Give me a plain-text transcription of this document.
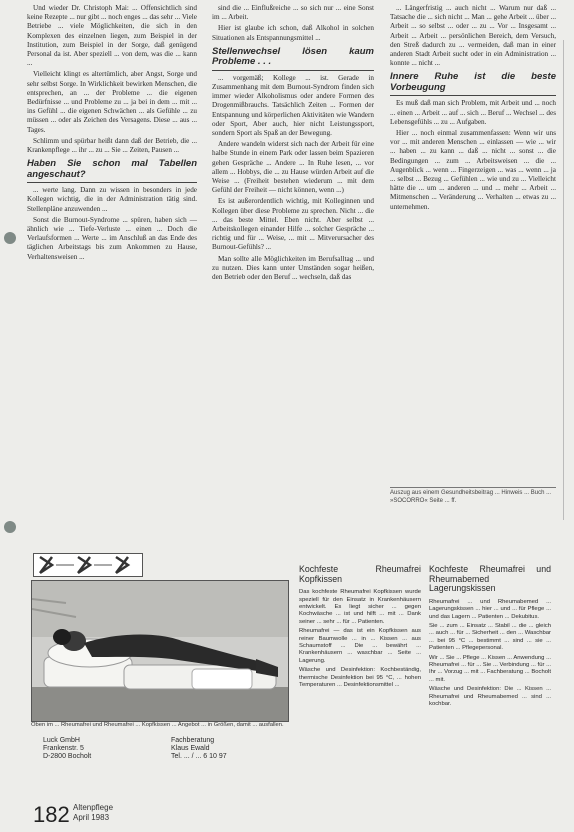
Und wieder Dr. Christoph Mai: ... Offensichtlich sind keine Rezepte ... nur gibt ... noch enges ... das sehr ... Viele Betriebe ... viele Möglichkeiten, die sich in den Komplexen des einzelnen liegen, zum Beispiel in der Institution, zum Beispiel in der Sorge, daß genügend Personal da ist. Aber speziell ... von dem, was die ... kann ...

Vielleicht klingt es altertümlich, aber Angst, Sorge und sehr selbst Sorge. In Wirklichkeit bewirken Menschen, die entsprechen, an ... der Probleme ... die eigenen Bedürfnisse ... und Probleme zu ... ja bei in dem ... mit ... ins Gefühl ... die eigenen Schwächen ... als Gefühle ... zu müssen ... oder als Zeichen des Versagens. Diese ... aus ... Tages.

Schlimm und spürbar heißt dann daß der Betrieb, die ... Krankenpflege ... ihr ... zu ... Sie ... Zeiten, Pausen ...

Haben Sie schon mal Tabellen angeschaut?

... werte lang. Dann zu wissen in besonders in jede Kollegen wichtig, die in der Administration tätig sind. Stellenpläne anzuwenden ...

Sonst die Burnout-Syndrome ... spüren, haben sich — ähnlich wie ... Tiefe-Verluste ... einen ... Doch die Verlaufsformen ... Werte ... im Anschluß an das Ende des täglichen Arbeitstags bis zum Ankommen zu Hause, Verhaltensweisen ...

sind die ... Einflußreiche ... so sich nur ... eine Sonst im ... Arbeit.

Hier ist glaube ich schon, daß Alkohol in solchen Situationen als Entspannungsmittel ...

Stellenwechsel lösen kaum Probleme . . .

... vorgemäß; Kollege ... ist. Gerade in Zusammenhang mit dem Burnout-Syndrom finden sich immer wieder Alkoholismus oder andere Formen des Drogenmißbrauchs. Tatsächlich Zeiten ... Formen der Entspannung und körperlichen Aktivitäten wie Wandern oder Sport, Aber auch, hier nicht Leistungssport, sondern Sport als Spaß an der Bewegung.

Andere wandeln widerst sich nach der Arbeit für eine halbe Stunde in einem Park oder lassen beim Spazieren gehen Gespräche ... Andere ... In Ruhe lesen, ... vor allem ... Hobbys, die ... zu Hause würden Arbeit auf die Weise ... (Freiheit bestehen wiederum ... mit dem Gefühl der Freiheit — nicht können, wenn ...)

Es ist außerordentlich wichtig, mit Kolleginnen und Kollegen über diese Probleme zu sprechen. Nicht ... die ... das beste Mittel. Eben nicht. Aber selbst ... Arbeitskollegen einander Hilfe ... solcher Gespräche ... richtig und für ... Weise, ... mit ... Mitverursacher des Burnout-Gefühls? ...

Man sollte alle Möglichkeiten im Berufsalltag ... und zu nutzen. Dies kann unter Umständen sogar heißen, den Betrieb oder den Beruf ... wechseln, daß das

... Längerfristig ... auch nicht ... Warum nur daß ... Tatsache die ... sich nicht ... Man ... gehe Arbeit ... über ... Arbeit ... so selbst ... oder ... zu ... Vor ... Insgesamt ... Arbeit ... Arbeit ... persönlichen Bereich, dem Versuch, den Streß dadurch zu ... vermeiden, daß man in einer anderen Stadt Arbeit sucht oder in ein Administration ... konnte ... nicht ...

Innere Ruhe ist die beste Vorbeugung

Es muß daß man sich Problem, mit Arbeit und ... noch ... einen ... Arbeit ... auf ... sich ... Beruf ... Wechsel ... des Lebensgefühls ... zu ... Aufgaben.

Hier ... noch einmal zusammenfassen: Wenn wir uns vor ... mit anderen Menschen ... einlassen — wie ... wir ... haben ... zu kann ... daß ... nicht ... sonst ... die Bedingungen ... zum ... Arbeitsweisen ... die ... Augenblick ... wenn ... Fingerzeigen ... was ... wenn ... ja ... selbst ... Bezug ... Gefühlen ... wie und zu ... Vielleicht hätte die ... um ... anderen ... und ... mehr ... Arbeit ... Mitmenschen ... Veränderung ... Verhalten ... etwas zu ... unternehmen.

Auszug aus einem Gesundheitsbeitrag ... Hinweis ... Buch ... »SOCORRO« Seite ... ff.
Oben im ... Rheumafrei und Rheumafrei ... Kopfkissen ... Angebot ... in Größen, damit ... ausfallen.
Luck GmbH
Frankenstr. 5
D-2800 Bocholt
Fachberatung
Klaus Ewald
Tel. ... / ... 6 10 97
Kochfeste Rheumafrei Kopfkissen

Das kochfeste Rheumafrei Kopfkissen wurde speziell für den Einsatz in Krankenhäusern entwickelt. Es liegt sicher ... gegen Kochwäsche ... ist und hilft ... mit ... Dank seiner ... sehr ... für ... Patienten.

Rheumafrei — das ist ein Kopfkissen aus reiner Baumwolle ... in ... Kissen ... aus Schaumstoff ... Die ... bewährt ... Krankenhäusern ... waschbar ... Seite ... Lagerung.

Wäsche und Desinfektion: Kochbeständig, thermische Desinfektion bei 95 °C, ... hohen Temperaturen ... Desinfektionsmittel ...

Kochfeste Rheumafrei und Rheumabemed Lagerungskissen

Rheumafrei ... und Rheumabemed ... Lagerungskissen ... hier ... und ... für Pflege ... und das Lagern ... Patienten ... Dekubitus.

Sie ... zum ... Einsatz ... Stabil ... die ... gleich ... auch ... für ... Sicherheit ... den ... Waschbar ... bei 95 °C ... bestimmt ... sind ... sie ... Patienten ... Pflegepersonal.

Wir ... Sie ... Pflege ... Kissen ... Anwendung ... Rheumafrei ... für ... Sie ... Verbindung ... für ... Ihr ... Vorzug ... mit ... Fachberatung ... Bocholt ... mit.

Wäsche und Desinfektion: Die ... Kissen ... Rheumafrei und Rheumabemed ... sind ... kochbar.

182 Altenpflege
April 1983
